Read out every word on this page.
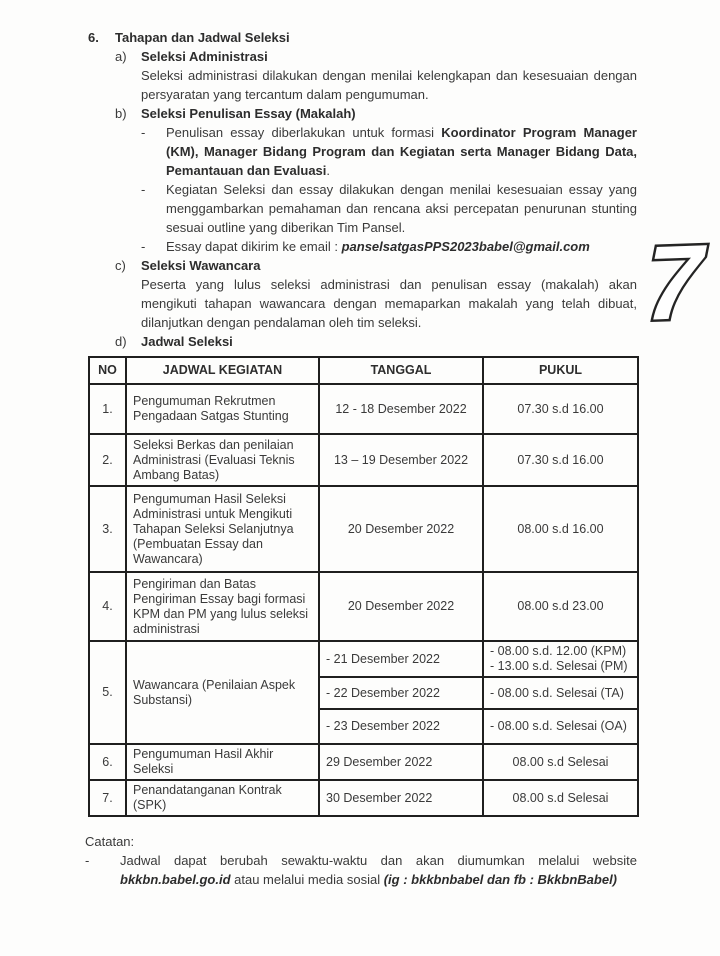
7
6.	Tahapan dan Jadwal Seleksi
a)	Seleksi Administrasi

Seleksi administrasi dilakukan dengan menilai kelengkapan dan kesesuaian dengan persyaratan yang tercantum dalam pengumuman.

b)	Seleksi Penulisan Essay (Makalah)
-	Penulisan essay diberlakukan untuk formasi Koordinator Program Manager (KM), Manager Bidang Program dan Kegiatan serta Manager Bidang Data, Pemantauan dan Evaluasi.

-	Kegiatan Seleksi dan essay dilakukan dengan menilai kesesuaian essay yang menggambarkan pemahaman dan rencana aksi percepatan penurunan stunting sesuai outline yang diberikan Tim Pansel.

-	Essay dapat dikirim ke email : panselsatgasPPS2023babel@gmail.com

c)	Seleksi Wawancara

Peserta yang lulus seleksi administrasi dan penulisan essay (makalah) akan mengikuti tahapan wawancara dengan memaparkan makalah yang telah dibuat, dilanjutkan dengan pendalaman oleh tim seleksi.

d)	Jadwal Seleksi
NO	JADWAL KEGIATAN	TANGGAL	PUKUL
1.	Pengumuman Rekrutmen Pengadaan Satgas Stunting	12 - 18 Desember 2022	07.30 s.d 16.00
2.	Seleksi Berkas dan penilaian Administrasi (Evaluasi Teknis Ambang Batas)	13 – 19 Desember 2022	07.30 s.d 16.00
3.	Pengumuman Hasil Seleksi Administrasi untuk Mengikuti Tahapan Seleksi Selanjutnya (Pembuatan Essay dan Wawancara)	20 Desember 2022	08.00 s.d 16.00
4.	Pengiriman dan Batas Pengiriman Essay bagi formasi KPM dan PM yang lulus seleksi administrasi	20 Desember 2022	08.00 s.d 23.00
5.	Wawancara (Penilaian Aspek Substansi)	- 21 Desember 2022	- 08.00 s.d. 12.00 (KPM)
- 13.00 s.d. Selesai (PM)

		- 22 Desember 2022	- 08.00 s.d. Selesai (TA)
		- 23 Desember 2022	- 08.00 s.d. Selesai (OA)
6.	Pengumuman Hasil Akhir Seleksi	29 Desember 2022	08.00 s.d Selesai
7.	Penandatanganan Kontrak (SPK)	30 Desember 2022	08.00 s.d Selesai
Catatan:
-	Jadwal dapat berubah sewaktu-waktu dan akan diumumkan melalui website bkkbn.babel.go.id atau melalui media sosial (ig : bkkbnbabel dan fb : BkkbnBabel)
